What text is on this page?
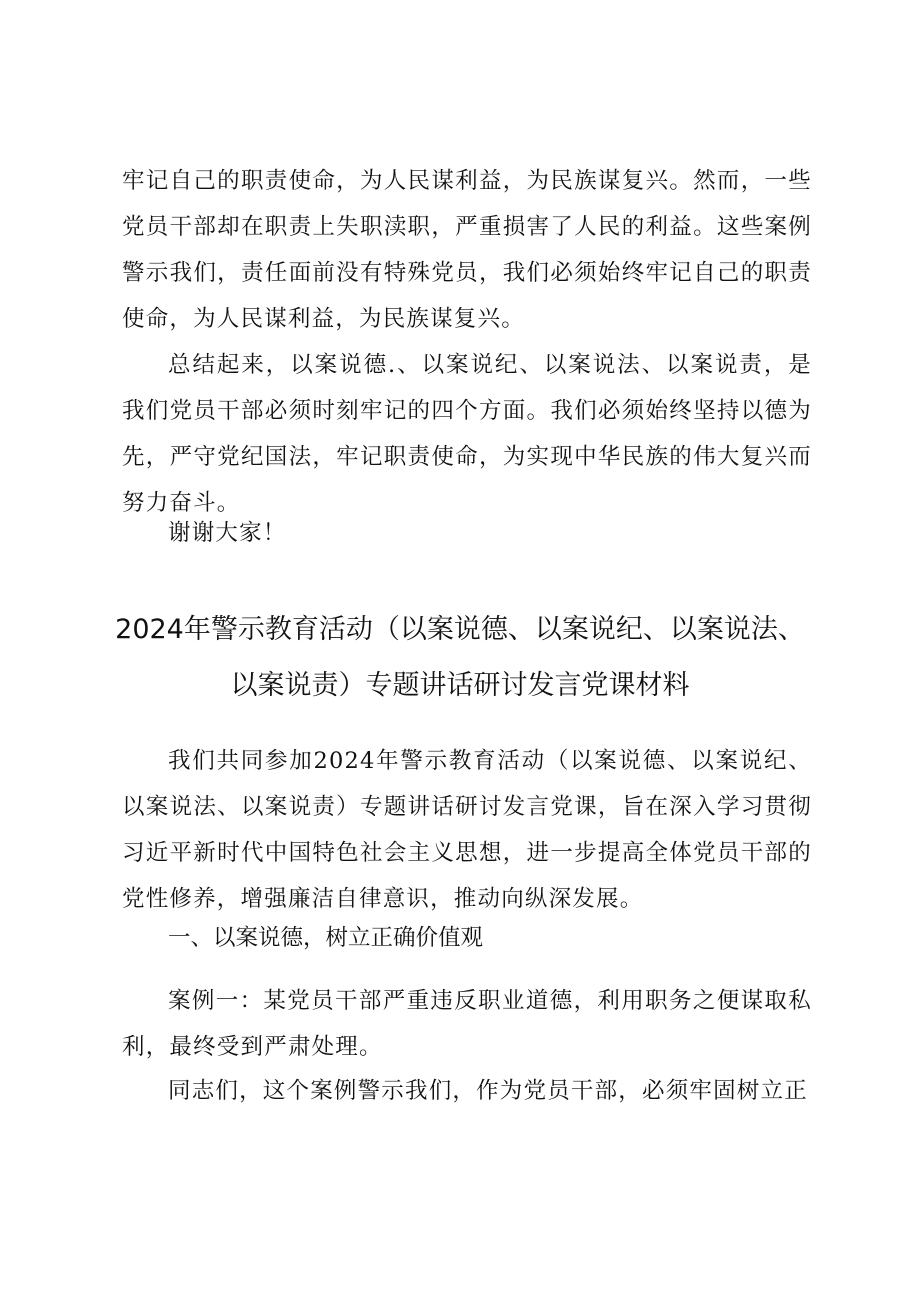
牢记自己的职责使命，为人民谋利益，为民族谋复兴。然而，一些党员干部却在职责上失职渎职，严重损害了人民的利益。这些案例警示我们，责任面前没有特殊党员，我们必须始终牢记自己的职责使命，为人民谋利益，为民族谋复兴。

总结起来，以案说德.、以案说纪、以案说法、以案说责，是我们党员干部必须时刻牢记的四个方面。我们必须始终坚持以德为先，严守党纪国法，牢记职责使命，为实现中华民族的伟大复兴而努力奋斗。

谢谢大家！

2024年警示教育活动（以案说德、以案说纪、以案说法、以案说责）专题讲话研讨发言党课材料

我们共同参加2024年警示教育活动（以案说德、以案说纪、以案说法、以案说责）专题讲话研讨发言党课，旨在深入学习贯彻习近平新时代中国特色社会主义思想，进一步提高全体党员干部的党性修养，增强廉洁自律意识，推动向纵深发展。

一、以案说德，树立正确价值观

案例一：某党员干部严重违反职业道德，利用职务之便谋取私利，最终受到严肃处理。

同志们，这个案例警示我们，作为党员干部，必须牢固树立正
